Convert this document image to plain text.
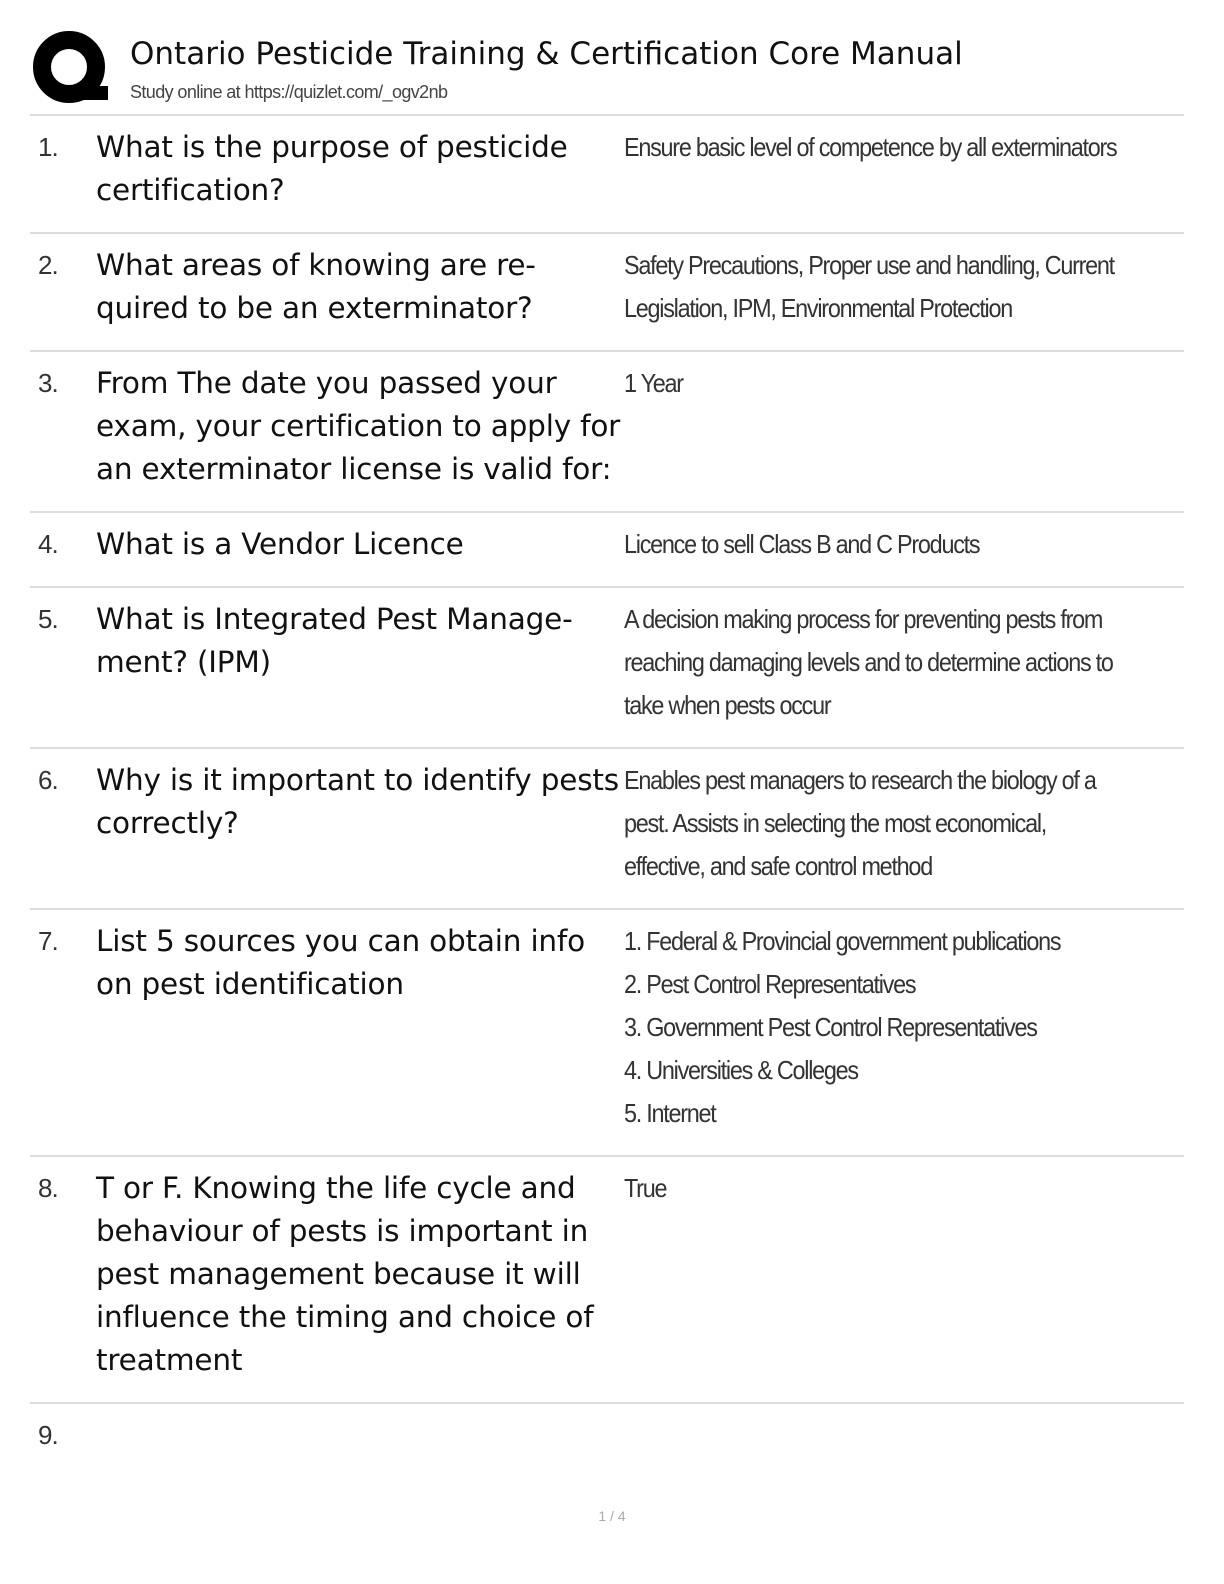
Ontario Pesticide Training & Certification Core Manual
Study online at https://quizlet.com/_ogv2nb
1. What is the purpose of pesticide certification?
Ensure basic level of competence by all exterminators
2. What areas of knowing are re- quired to be an exterminator?
Safety Precautions, Proper use and handling, Current Legislation, IPM, Environmental Protection
3. From The date you passed your exam, your certification to apply for an exterminator license is valid for:
1 Year
4. What is a Vendor Licence	Licence to sell Class B and C Products
5. What is Integrated Pest Manage- ment? (IPM)
A decision making process for preventing pests from reaching damaging levels and to determine actions to take when pests occur
6. Why is it important to identify pests correctly?
Enables pest managers to research the biology of a pest. Assists in selecting the most economical, effective, and safe control method
7. List 5 sources you can obtain info on pest identification
1. Federal & Provincial government publications
2. Pest Control Representatives
3. Government Pest Control Representatives
4. Universities & Colleges
5. Internet
8. T or F. Knowing the life cycle and behaviour of pests is important in pest management because it will influence the timing and choice of treatment
True
9.
1 / 4
